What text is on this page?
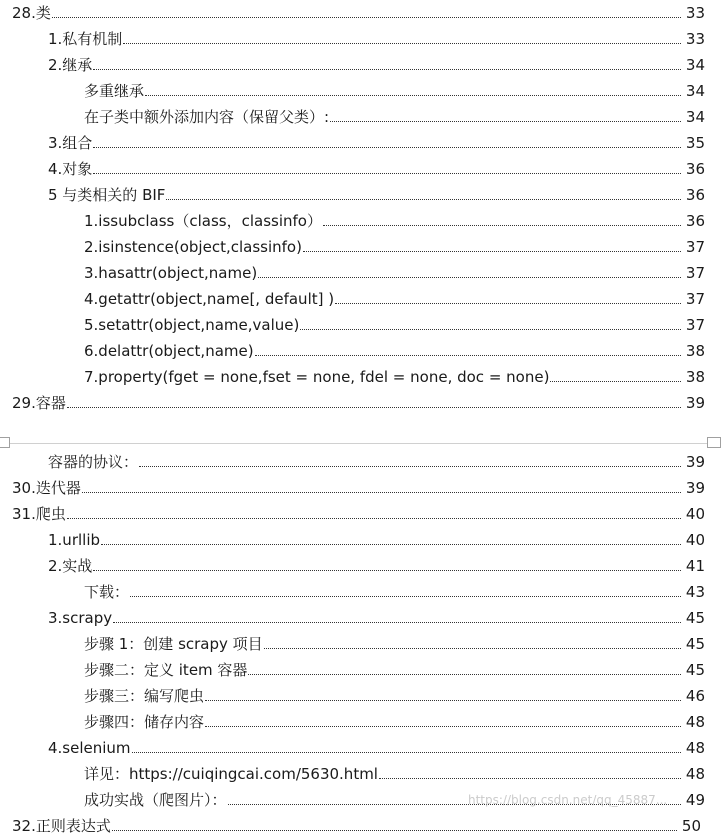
28.类	33
1.私有机制	33
2.继承	34
多重继承	34
在子类中额外添加内容（保留父类）:	34
3.组合	35
4.对象	36
5 与类相关的 BIF	36
1.issubclass（class，classinfo）	36
2.isinstence(object,classinfo)	37
3.hasattr(object,name)	37
4.getattr(object,name[, default] )	37
5.setattr(object,name,value)	37
6.delattr(object,name)	38
7.property(fget = none,fset = none, fdel = none, doc = none)	38
29.容器	39
容器的协议：	39
30.迭代器	39
31.爬虫	40
1.urllib	40
2.实战	41
下载：	43
3.scrapy	45
步骤 1：创建 scrapy 项目	45
步骤二：定义 item 容器	45
步骤三：编写爬虫	46
步骤四：储存内容	48
4.selenium	48
详见：https://cuiqingcai.com/5630.html	48
成功实战（爬图片）：	49
32.正则表达式	50
https://blog.csdn.net/qq_45887...
